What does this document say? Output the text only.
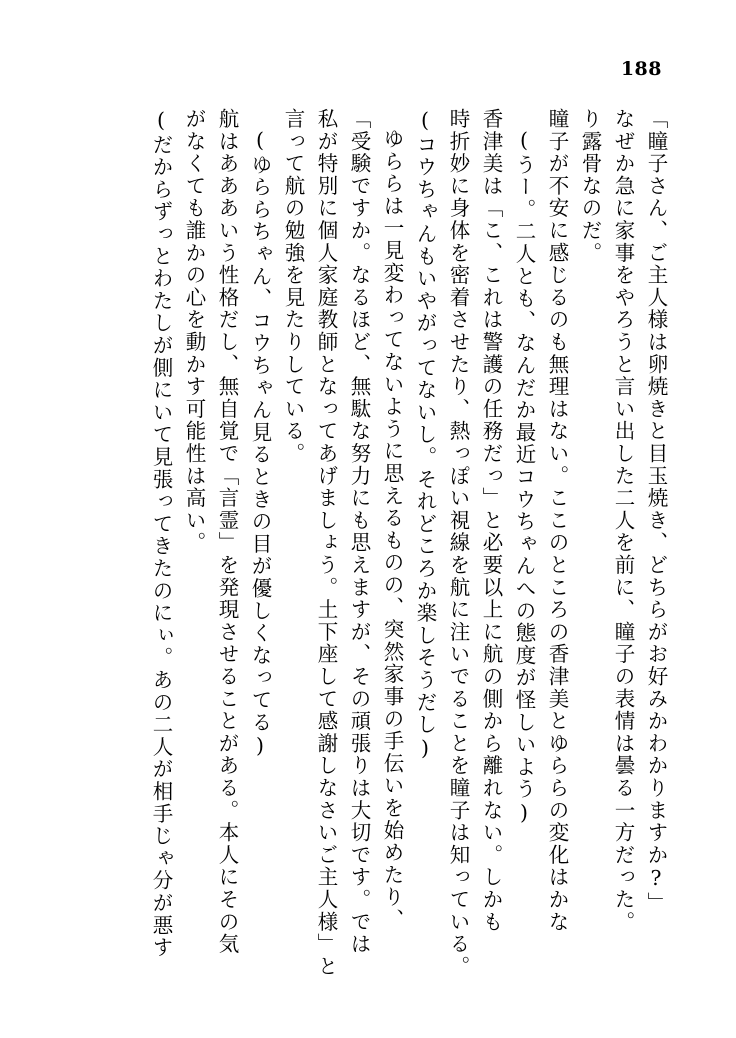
188
「瞳子さん、ご主人様は卵焼きと目玉焼き、どちらがお好みかわかりますか?」
なぜか急に家事をやろうと言い出した二人を前に、瞳子の表情は曇る一方だった。
り露骨なのだ。
瞳子が不安に感じるのも無理はない。ここのところの香津美とゆららの変化はかな
(うー。二人とも、なんだか最近コウちゃんへの態度が怪しいよう)
香津美は「こ、これは警護の任務だっ」と必要以上に航の側から離れない。しかも
時折妙に身体を密着させたり、熱っぽい視線を航に注いでることを瞳子は知っている。
(コウちゃんもいやがってないし。それどころか楽しそうだし)
ゆららは一見変わってないように思えるものの、突然家事の手伝いを始めたり、
「受験ですか。なるほど、無駄な努力にも思えますが、その頑張りは大切です。では
私が特別に個人家庭教師となってあげましょう。土下座して感謝しなさいご主人様」と
言って航の勉強を見たりしている。
(ゆららちゃん、コウちゃん見るときの目が優しくなってる)
航はあああいう性格だし、無自覚で「言霊」を発現させることがある。本人にその気
がなくても誰かの心を動かす可能性は高い。
(だからずっとわたしが側にいて見張ってきたのにぃ。あの二人が相手じゃ分が悪す
